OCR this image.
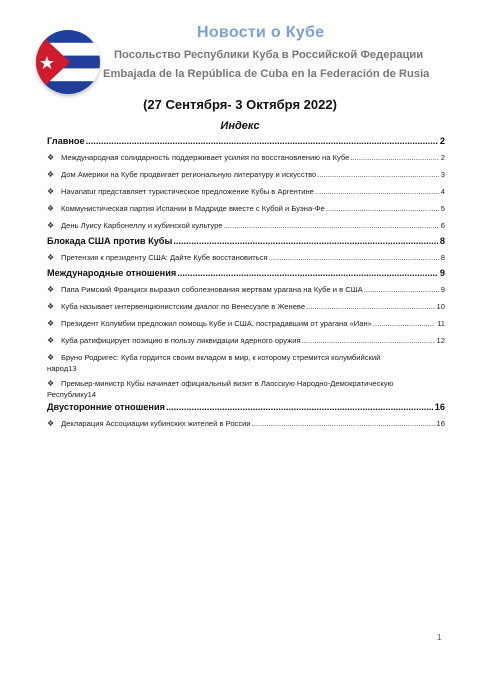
Новости о Кубе
Посольство Республики Куба в Российской Федерации
Embajada de la República de Cuba en la Federación de Rusia
(27 Сентября- 3 Октября 2022)
Индекс
Главное .....	2
❖ Международная солидарность поддерживает усилия по восстановлению на Кубе .....	2
❖ Дом Америки на Кубе продвигает региональную литературу и искусство .....	3
❖ Havanatur представляет туристическое предложение Кубы в Аргентине .....	4
❖ Коммунистическая партия Испании в Мадриде вместе с Кубой и Буэна-Фе .....	5
❖ День Луису Карбонеллу и кубинской культуре .....	6
Блокада США против Кубы .....	8
❖ Претензия к президенту США: Дайте Кубе восстановиться .....	8
Международные отношения .....	9
❖ Папа Римский Франциск выразил соболезнования жертвам урагана на Кубе и в США .....	9
❖ Куба называет интервенционистским диалог по Венесуэле в Женеве .....	10
❖ Президент Колумбии предложил помощь Кубе и США, пострадавшим от урагана «Иан» .....	11
❖ Куба ратифицирует позицию в пользу ликвидации ядерного оружия .....	12
❖ Бруно Родригес: Куба гордится своим вкладом в мир, к которому стремится колумбийский
народ 13
❖ Премьер-министр Кубы начинает официальный визит в Лаосскую Народно-Демократическую
Республику 14
Двусторонние отношения .....	16
❖ Декларация Ассоциации кубинских жителей в России .....	16
1
